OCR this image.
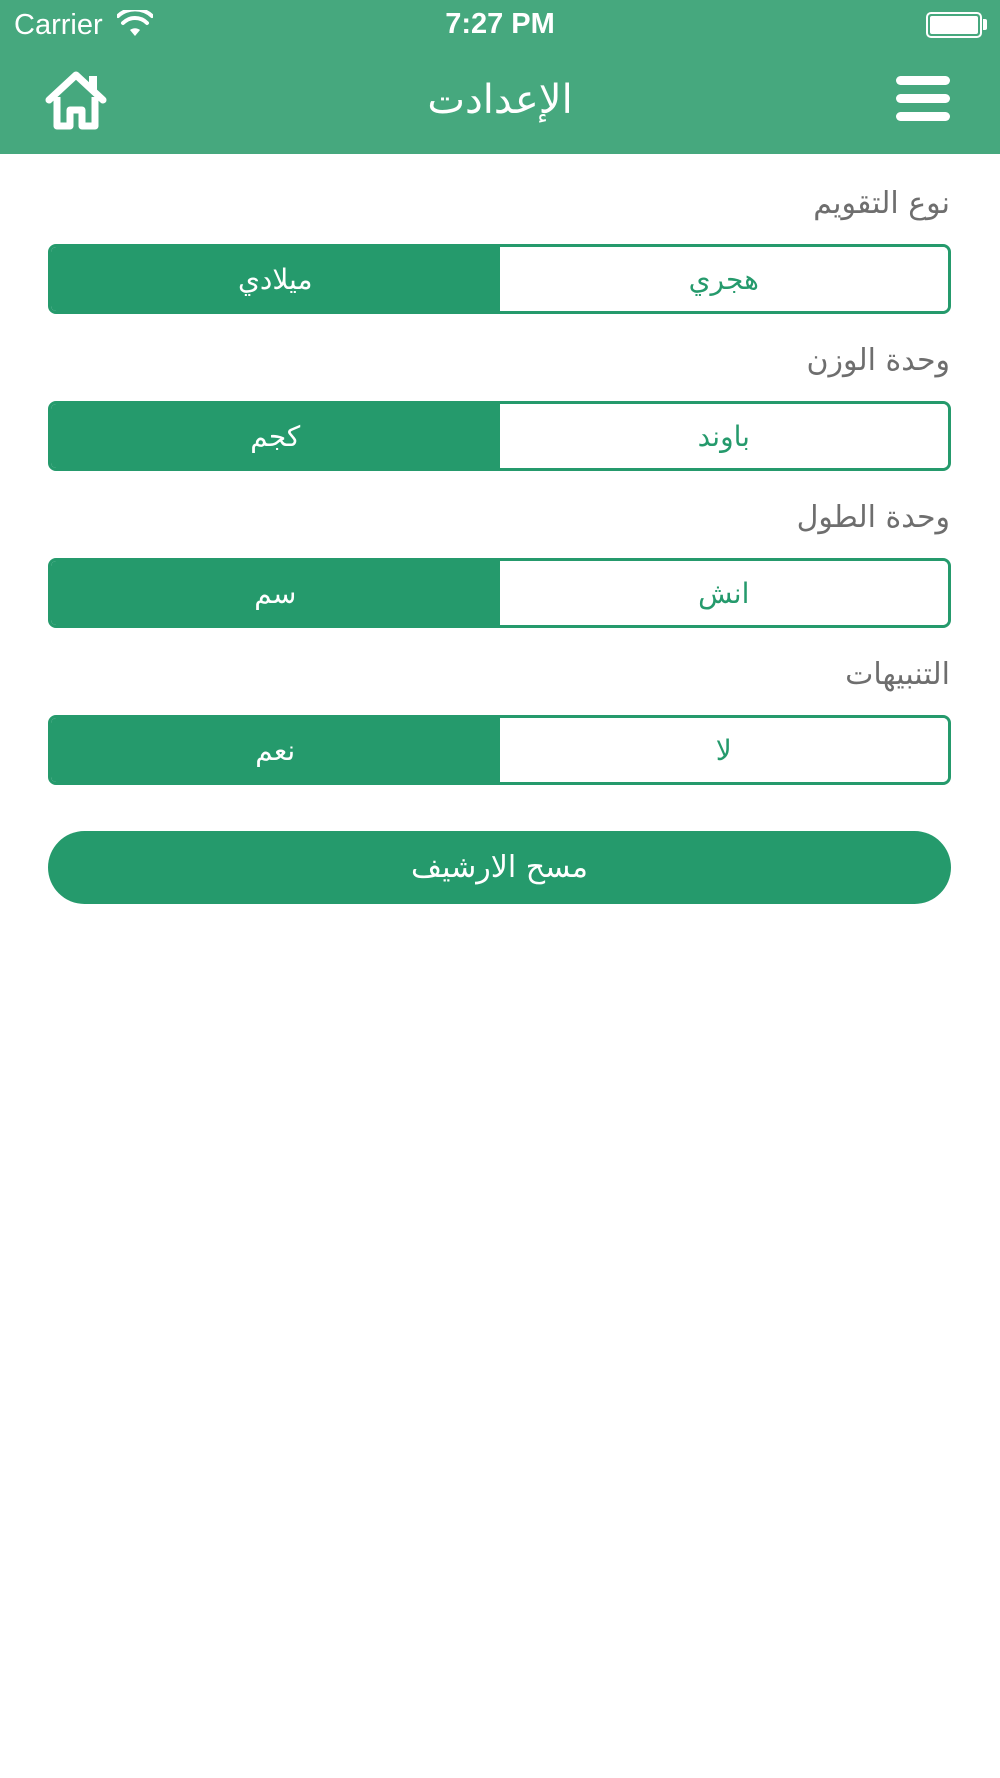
Carrier	7:27 PM
الإعدادت
نوع التقويم
ميلادي	هجري
وحدة الوزن
كجم	باوند
وحدة الطول
سم	انش
التنبيهات
نعم	لا
مسح الارشيف
